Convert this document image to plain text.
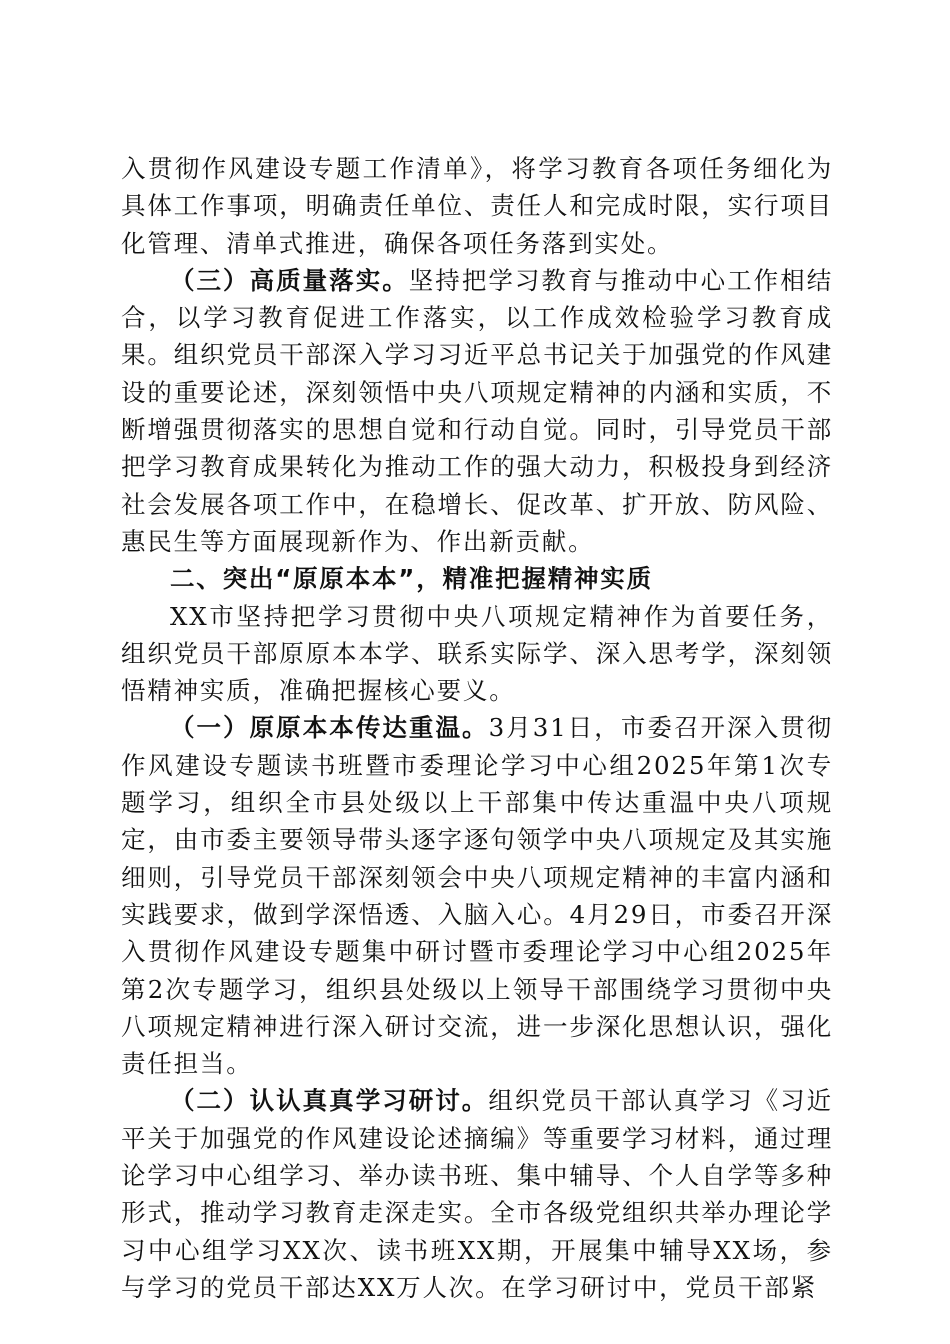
入贯彻作风建设专题工作清单》，将学习教育各项任务细化为具体工作事项，明确责任单位、责任人和完成时限，实行项目化管理、清单式推进，确保各项任务落到实处。

（三）高质量落实。坚持把学习教育与推动中心工作相结合，以学习教育促进工作落实，以工作成效检验学习教育成果。组织党员干部深入学习习近平总书记关于加强党的作风建设的重要论述，深刻领悟中央八项规定精神的内涵和实质，不断增强贯彻落实的思想自觉和行动自觉。同时，引导党员干部把学习教育成果转化为推动工作的强大动力，积极投身到经济社会发展各项工作中，在稳增长、促改革、扩开放、防风险、惠民生等方面展现新作为、作出新贡献。

二、突出“原原本本”，精准把握精神实质

XX市坚持把学习贯彻中央八项规定精神作为首要任务，组织党员干部原原本本学、联系实际学、深入思考学，深刻领悟精神实质，准确把握核心要义。

（一）原原本本传达重温。3月31日，市委召开深入贯彻作风建设专题读书班暨市委理论学习中心组2025年第1次专题学习，组织全市县处级以上干部集中传达重温中央八项规定，由市委主要领导带头逐字逐句领学中央八项规定及其实施细则，引导党员干部深刻领会中央八项规定精神的丰富内涵和实践要求，做到学深悟透、入脑入心。4月29日，市委召开深入贯彻作风建设专题集中研讨暨市委理论学习中心组2025年第2次专题学习，组织县处级以上领导干部围绕学习贯彻中央八项规定精神进行深入研讨交流，进一步深化思想认识，强化责任担当。

（二）认认真真学习研讨。组织党员干部认真学习《习近平关于加强党的作风建设论述摘编》等重要学习材料，通过理论学习中心组学习、举办读书班、集中辅导、个人自学等多种形式，推动学习教育走深走实。全市各级党组织共举办理论学习中心组学习XX次、读书班XX期，开展集中辅导XX场，参与学习的党员干部达XX万人次。在学习研讨中，党员干部紧
